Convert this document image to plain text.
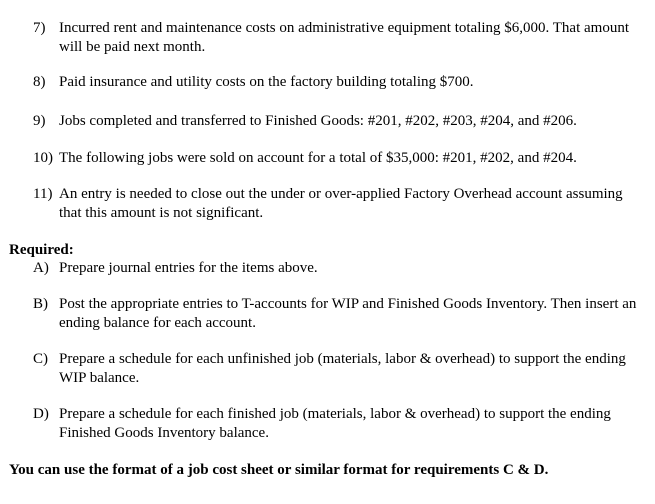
7) Incurred rent and maintenance costs on administrative equipment totaling $6,000. That amount will be paid next month.
8) Paid insurance and utility costs on the factory building totaling $700.
9) Jobs completed and transferred to Finished Goods: #201, #202, #203, #204, and #206.
10) The following jobs were sold on account for a total of $35,000: #201, #202, and #204.
11) An entry is needed to close out the under or over-applied Factory Overhead account assuming that this amount is not significant.
Required:
A) Prepare journal entries for the items above.
B) Post the appropriate entries to T-accounts for WIP and Finished Goods Inventory. Then insert an ending balance for each account.
C) Prepare a schedule for each unfinished job (materials, labor & overhead) to support the ending WIP balance.
D) Prepare a schedule for each finished job (materials, labor & overhead) to support the ending Finished Goods Inventory balance.
You can use the format of a job cost sheet or similar format for requirements C & D.
